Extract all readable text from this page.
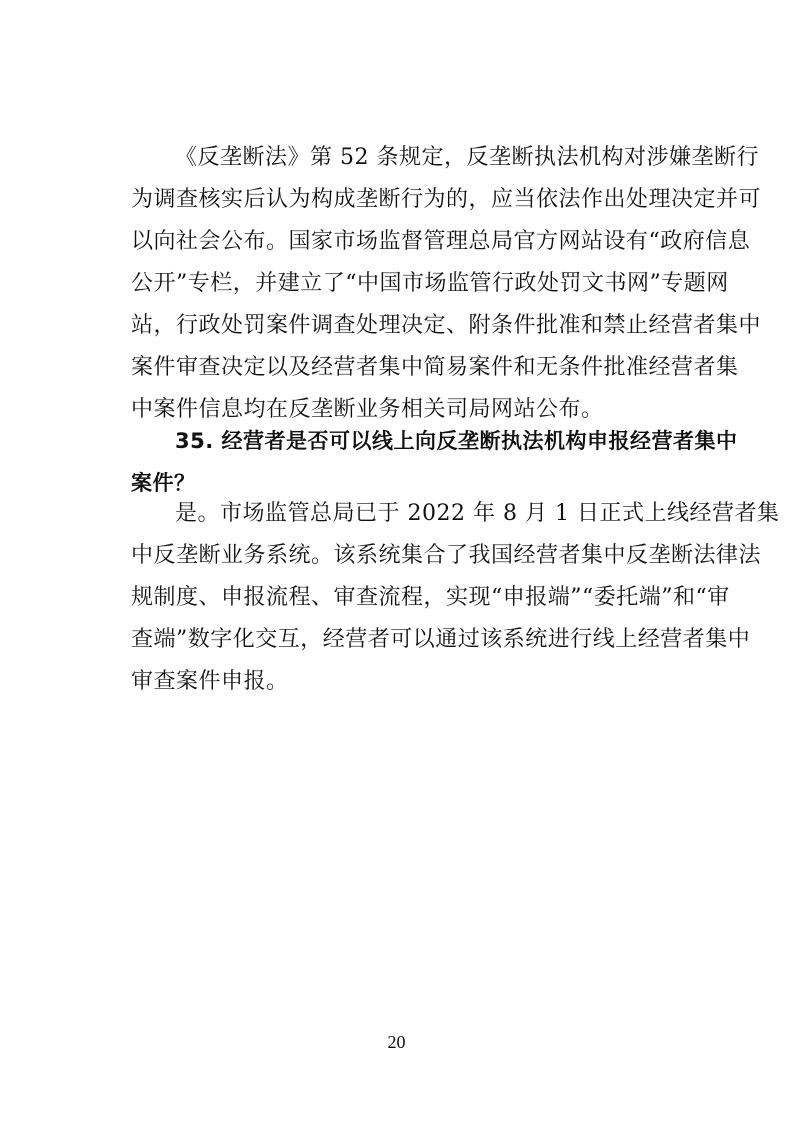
《反垄断法》第 52 条规定，反垄断执法机构对涉嫌垄断行
为调查核实后认为构成垄断行为的，应当依法作出处理决定并可
以向社会公布。国家市场监督管理总局官方网站设有“政府信息
公开”专栏，并建立了“中国市场监管行政处罚文书网”专题网
站，行政处罚案件调查处理决定、附条件批准和禁止经营者集中
案件审查决定以及经营者集中简易案件和无条件批准经营者集
中案件信息均在反垄断业务相关司局网站公布。
35. 经营者是否可以线上向反垄断执法机构申报经营者集中
案件？
是。市场监管总局已于 2022 年 8 月 1 日正式上线经营者集
中反垄断业务系统。该系统集合了我国经营者集中反垄断法律法
规制度、申报流程、审查流程，实现“申报端”“委托端”和“审
查端”数字化交互，经营者可以通过该系统进行线上经营者集中
审查案件申报。
20
